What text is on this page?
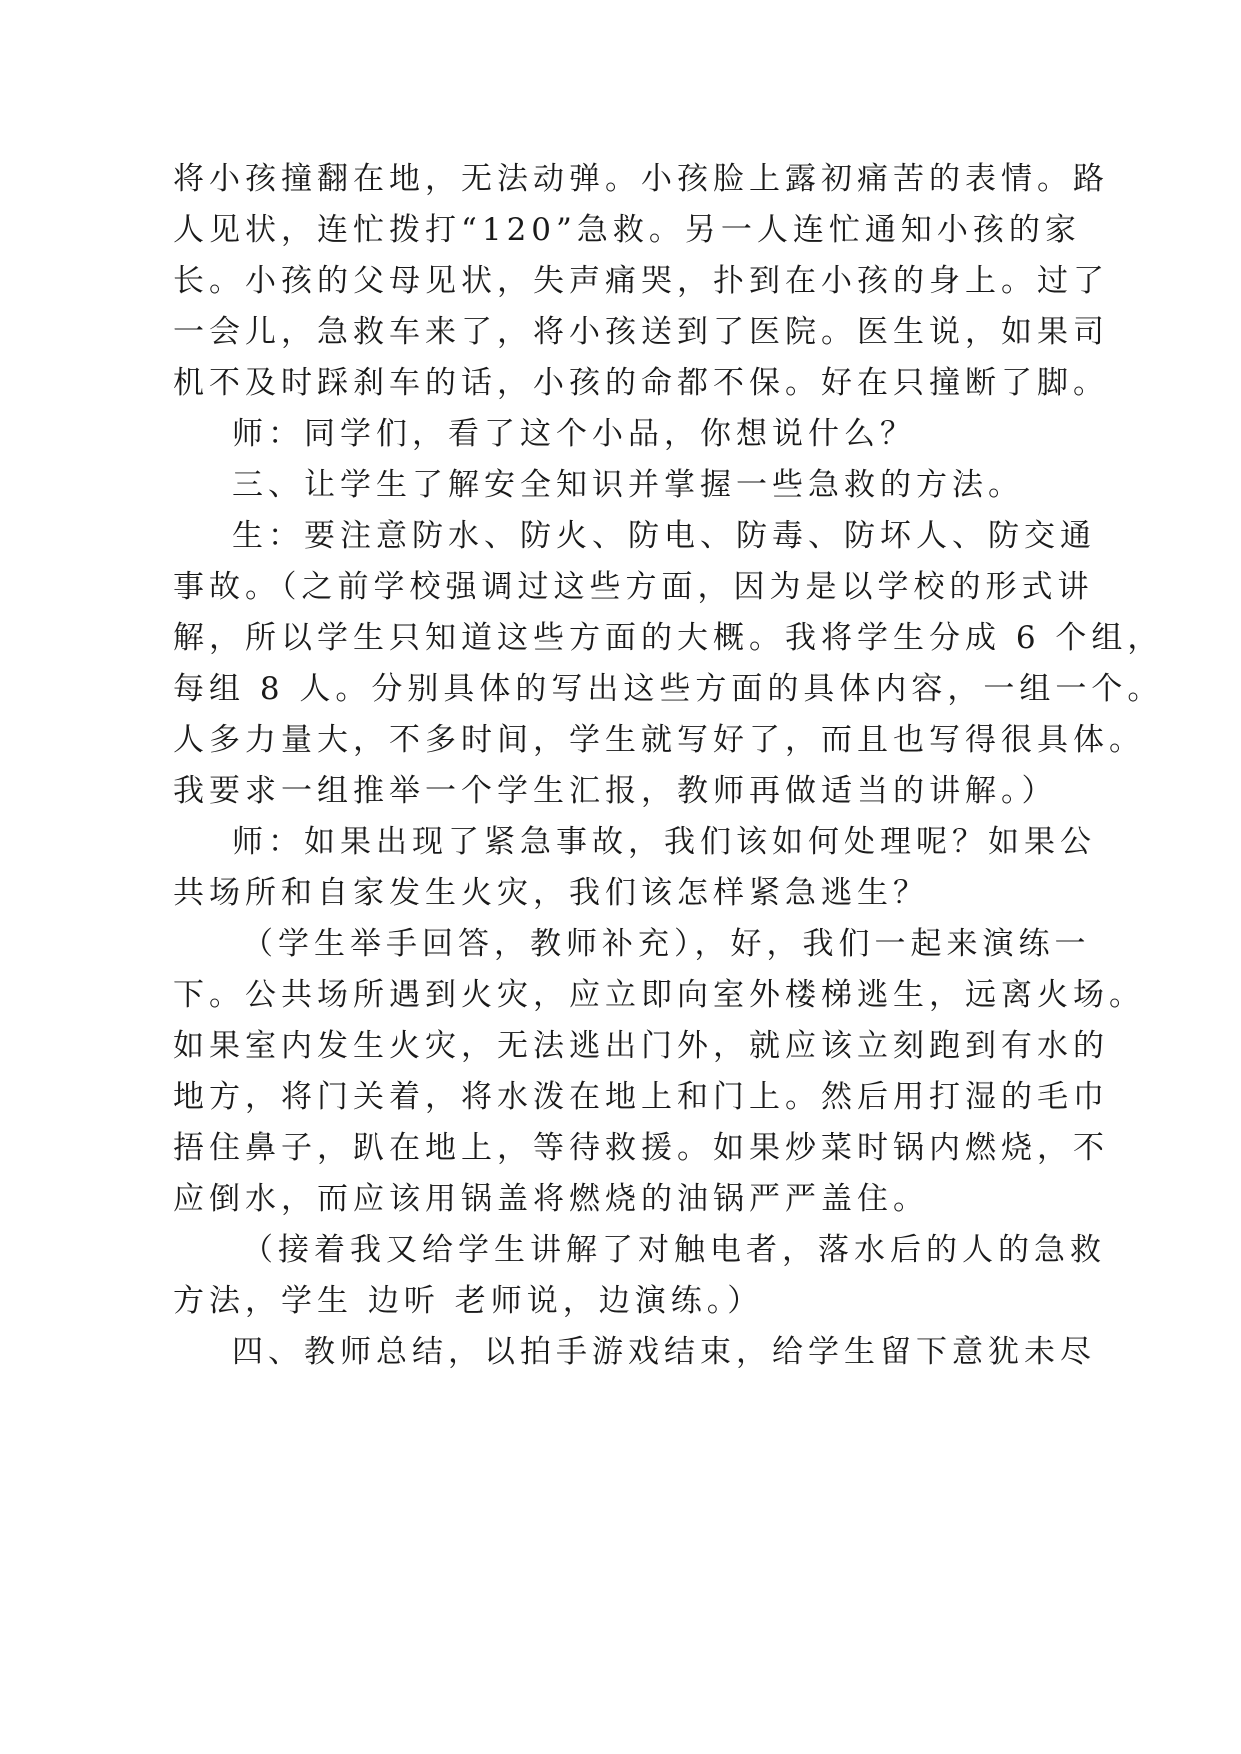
将小孩撞翻在地，无法动弹。小孩脸上露初痛苦的表情。路
人见状，连忙拨打“120”急救。另一人连忙通知小孩的家
长。小孩的父母见状，失声痛哭，扑到在小孩的身上。过了
一会儿，急救车来了，将小孩送到了医院。医生说，如果司
机不及时踩刹车的话，小孩的命都不保。好在只撞断了脚。
师：同学们，看了这个小品，你想说什么？
三、让学生了解安全知识并掌握一些急救的方法。
生：要注意防水、防火、防电、防毒、防坏人、防交通
事故。（之前学校强调过这些方面，因为是以学校的形式讲
解，所以学生只知道这些方面的大概。我将学生分成 6 个组，
每组 8 人。分别具体的写出这些方面的具体内容，一组一个。
人多力量大，不多时间，学生就写好了，而且也写得很具体。
我要求一组推举一个学生汇报，教师再做适当的讲解。）
师：如果出现了紧急事故，我们该如何处理呢？如果公
共场所和自家发生火灾，我们该怎样紧急逃生？
（学生举手回答，教师补充），好，我们一起来演练一
下。公共场所遇到火灾，应立即向室外楼梯逃生，远离火场。
如果室内发生火灾，无法逃出门外，就应该立刻跑到有水的
地方，将门关着，将水泼在地上和门上。然后用打湿的毛巾
捂住鼻子，趴在地上，等待救援。如果炒菜时锅内燃烧，不
应倒水，而应该用锅盖将燃烧的油锅严严盖住。
（接着我又给学生讲解了对触电者，落水后的人的急救
方法，学生 边听 老师说，边演练。）
四、教师总结，以拍手游戏结束，给学生留下意犹未尽
